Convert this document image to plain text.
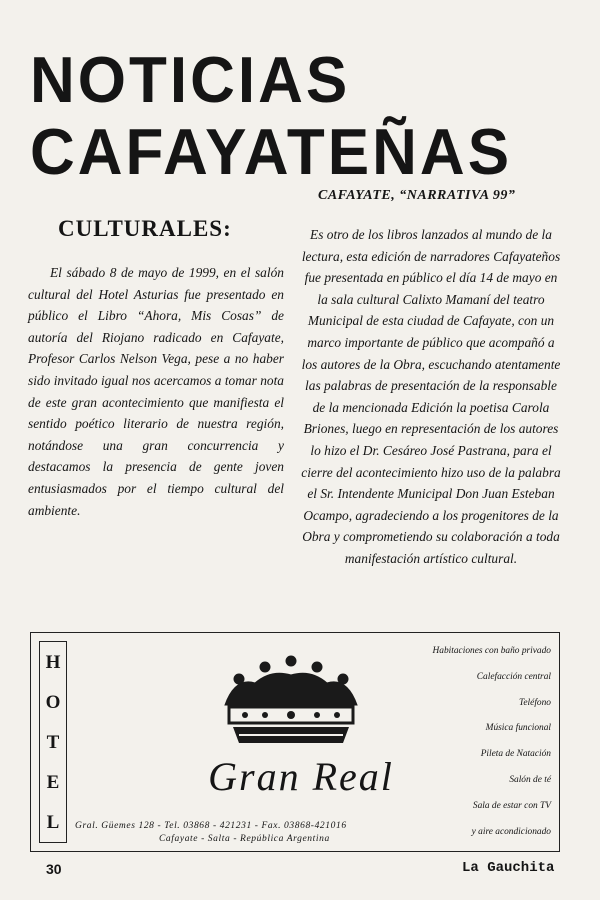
NOTICIAS
CAFAYATEÑAS
CAFAYATE, “NARRATIVA 99”
CULTURALES:

El sábado 8 de mayo de 1999, en el salón cultural del Hotel Asturias fue presentado en público el Libro “Ahora, Mis Cosas” de autoría del Riojano radicado en Cafayate, Profesor Carlos Nelson Vega, pese a no haber sido invitado igual nos acercamos a tomar nota de este gran acontecimiento que manifiesta el sentido poético literario de nuestra región, notándose una gran concurrencia y destacamos la presencia de gente joven entusiasmados por el tiempo cultural del ambiente.

Es otro de los libros lanzados al mundo de la lectura, esta edición de narradores Cafayateños fue presentada en público el día 14 de mayo en la sala cultural Calixto Mamaní del teatro Municipal de esta ciudad de Cafayate, con un marco importante de público que acompañó a los autores de la Obra, escuchando atentamente las palabras de presentación de la responsable de la mencionada Edición la poetisa Carola Briones, luego en representación de los autores lo hizo el Dr. Cesáreo José Pastrana, para el cierre del acontecimiento hizo uso de la palabra el Sr. Intendente Municipal Don Juan Esteban Ocampo, agradeciendo a los progenitores de la Obra y comprometiendo su colaboración a toda manifestación artístico cultural.

H
O
T
E
L
Gran Real
Gral. Güemes 128 - Tel. 03868 - 421231 - Fax. 03868-421016
Cafayate - Salta - República Argentina
Habitaciones con baño privado
Calefacción central
Teléfono
Música funcional
Pileta de Natación
Salón de té
Sala de estar con TV
y aire acondicionado
30	La Gauchita
